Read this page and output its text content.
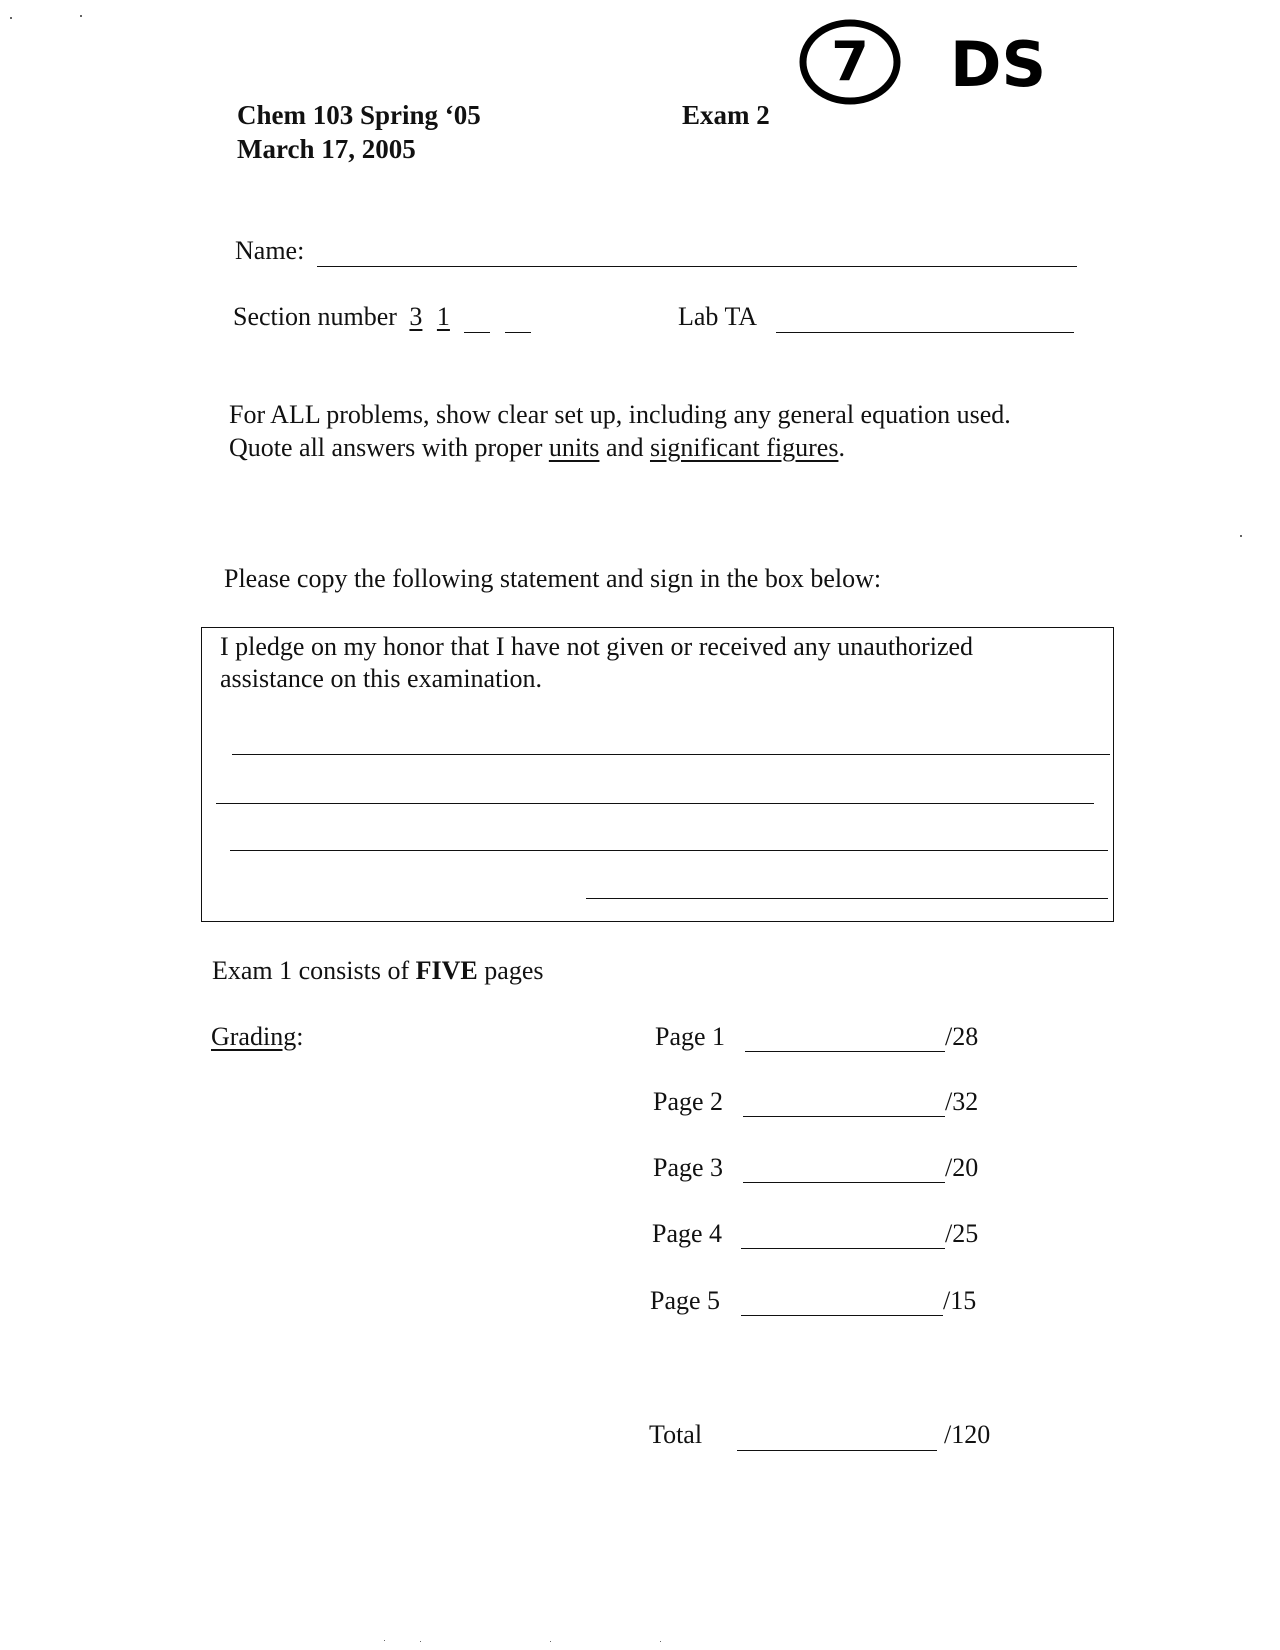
Chem 103 Spring ‘05
March 17, 2005
Exam 2
7 DS
Name:
Section number 3 1	Lab TA
For ALL problems, show clear set up, including any general equation used.
Quote all answers with proper units and significant figures.
Please copy the following statement and sign in the box below:
I pledge on my honor that I have not given or received any unauthorized
assistance on this examination.
Exam 1 consists of FIVE pages
Grading:	Page 1	/28
Page 2	/32
Page 3	/20
Page 4	/25
Page 5	/15
Total	/120
